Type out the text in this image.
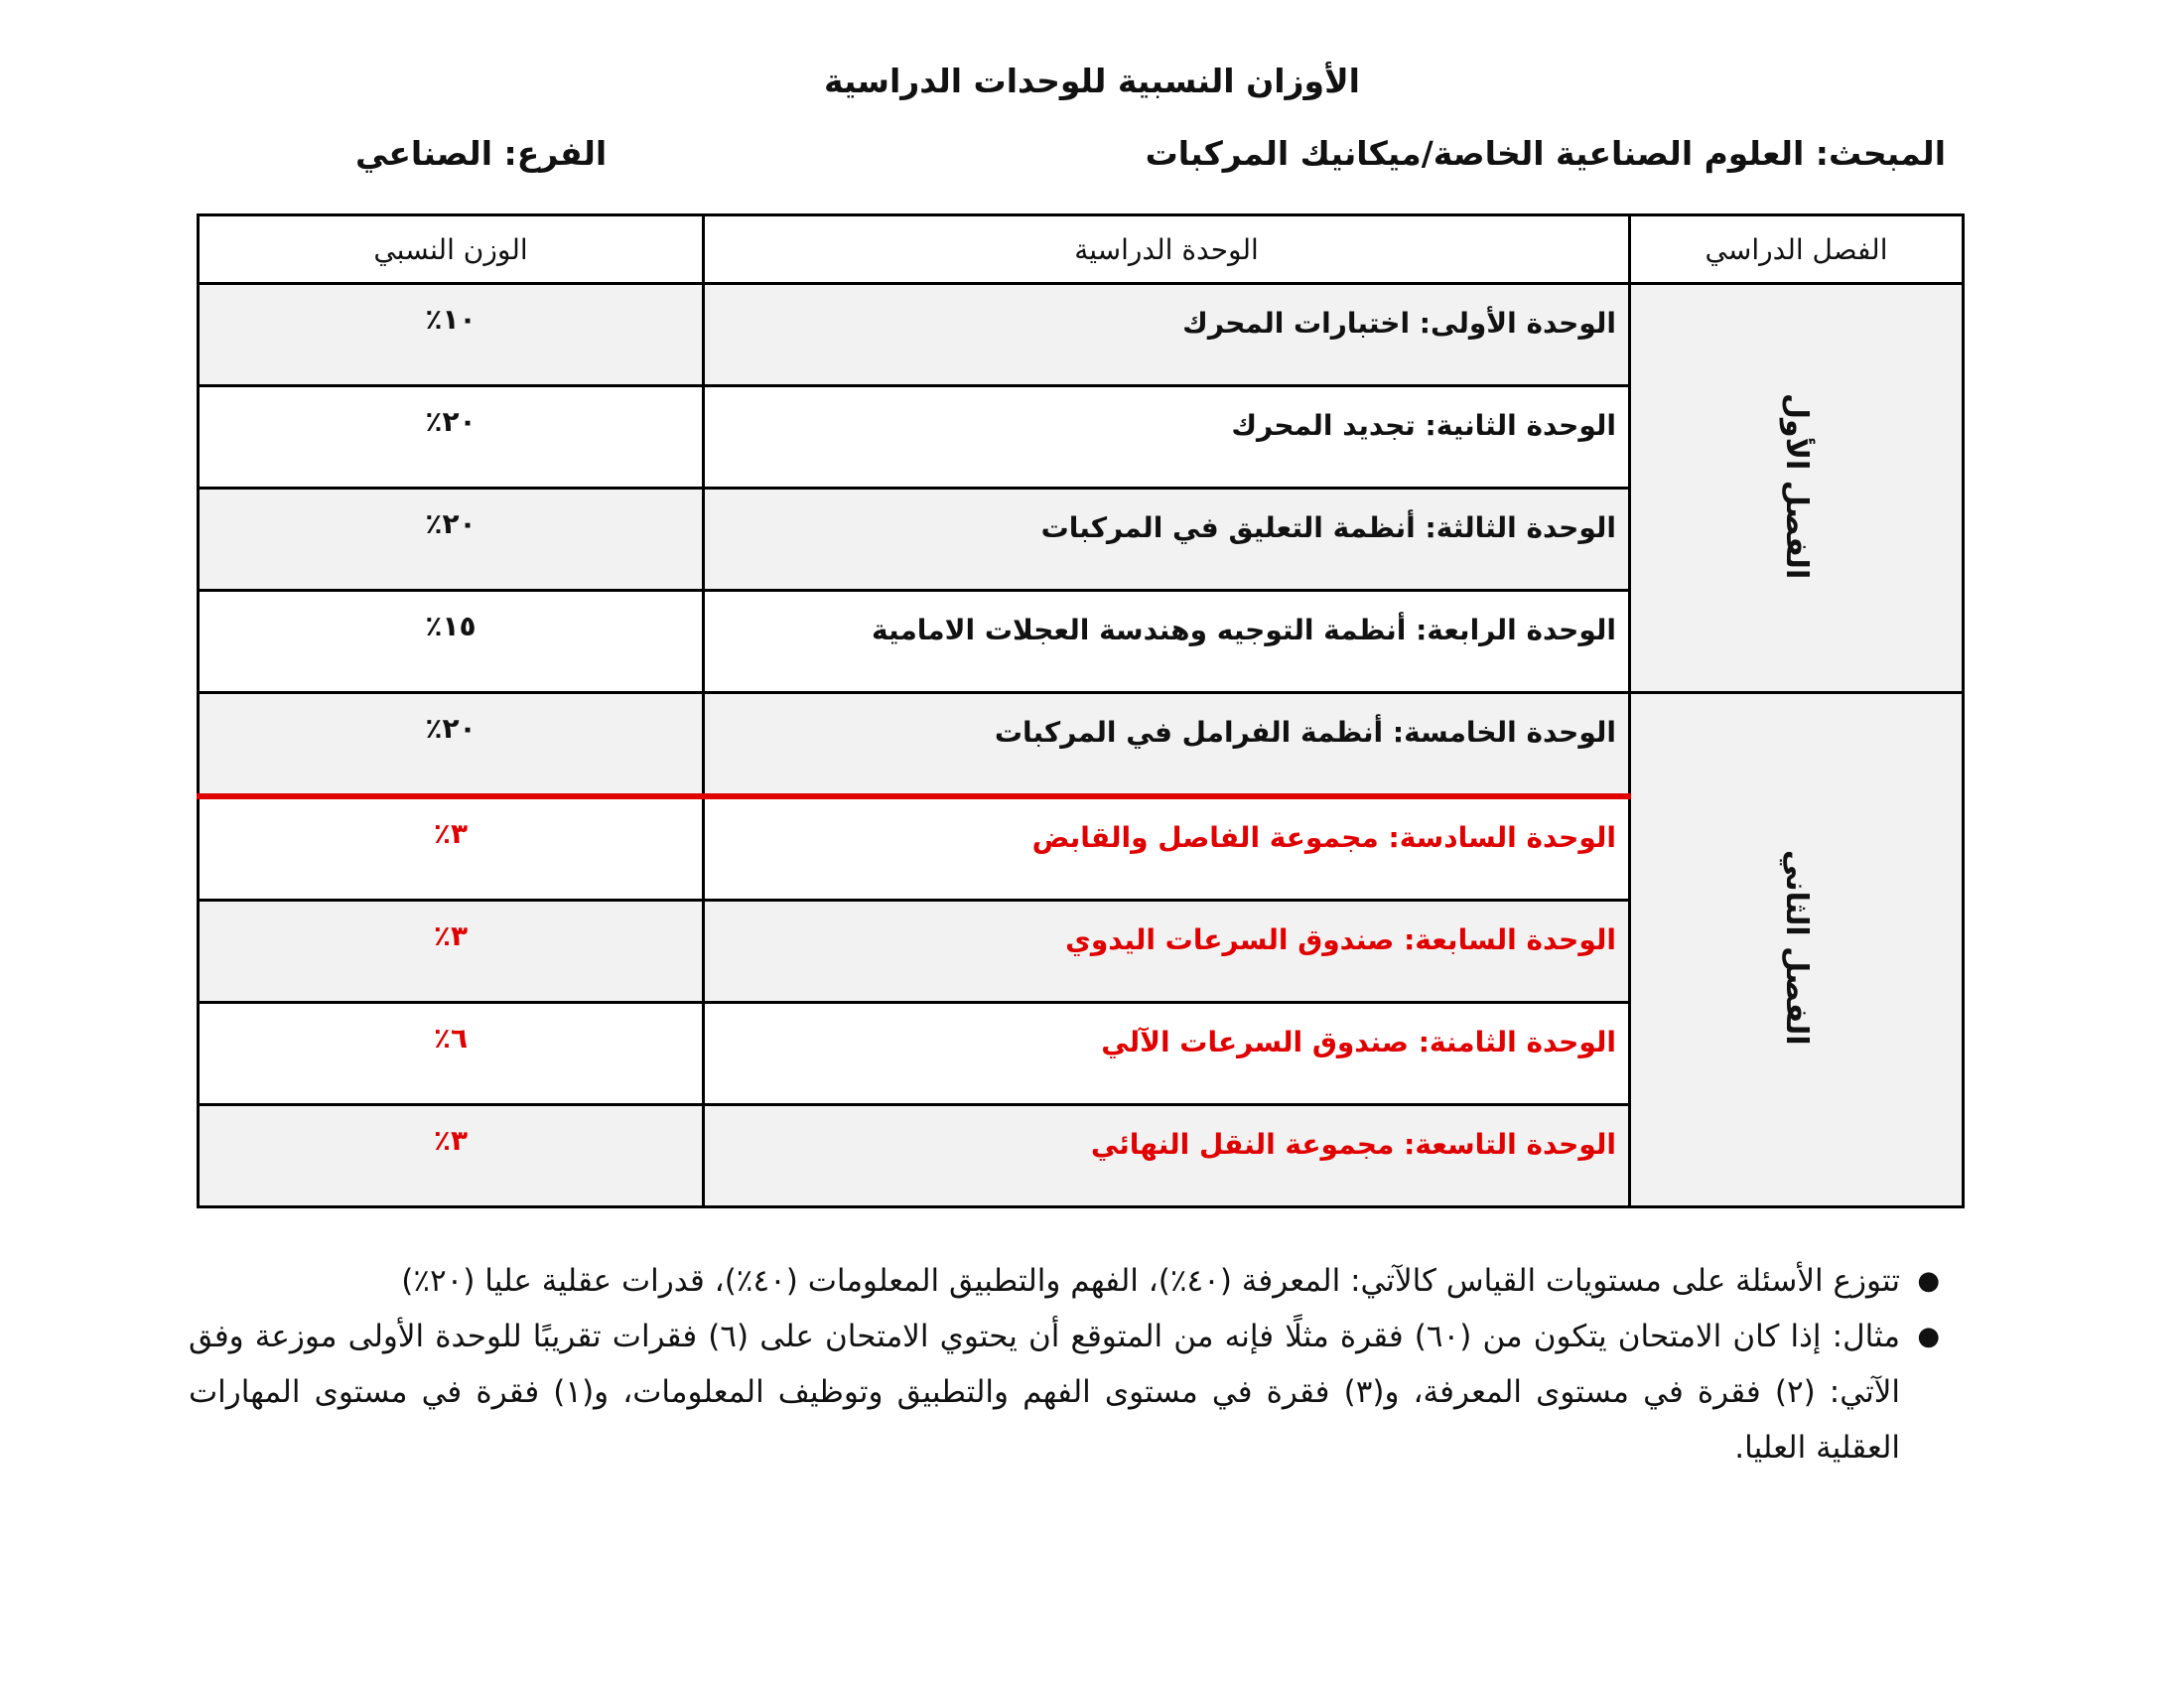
الأوزان النسبية للوحدات الدراسية
المبحث: العلوم الصناعية الخاصة/ميكانيك المركبات
الفرع: الصناعي
الفصل الدراسي	الوحدة الدراسية	الوزن النسبي
الفصل الأول	الوحدة الأولى: اختبارات المحرك	١٠٪
	الوحدة الثانية: تجديد المحرك	٢٠٪
	الوحدة الثالثة: أنظمة التعليق في المركبات	٢٠٪
	الوحدة الرابعة: أنظمة التوجيه وهندسة العجلات الامامية	١٥٪
الفصل الثاني	الوحدة الخامسة: أنظمة الفرامل في المركبات	٢٠٪
	الوحدة السادسة: مجموعة الفاصل والقابض	٣٪
	الوحدة السابعة: صندوق السرعات اليدوي	٣٪
	الوحدة الثامنة: صندوق السرعات الآلي	٦٪
	الوحدة التاسعة: مجموعة النقل النهائي	٣٪
●
تتوزع الأسئلة على مستويات القياس كالآتي: المعرفة (٤٠٪)، الفهم والتطبيق المعلومات (٤٠٪)، قدرات عقلية عليا (٢٠٪)
●
مثال: إذا كان الامتحان يتكون من (٦٠) فقرة مثلًا فإنه من المتوقع أن يحتوي الامتحان على (٦) فقرات تقريبًا للوحدة الأولى موزعة وفق الآتي: (٢) فقرة في مستوى المعرفة، و(٣) فقرة في مستوى الفهم والتطبيق وتوظيف المعلومات، و(١) فقرة في مستوى المهارات العقلية العليا.
